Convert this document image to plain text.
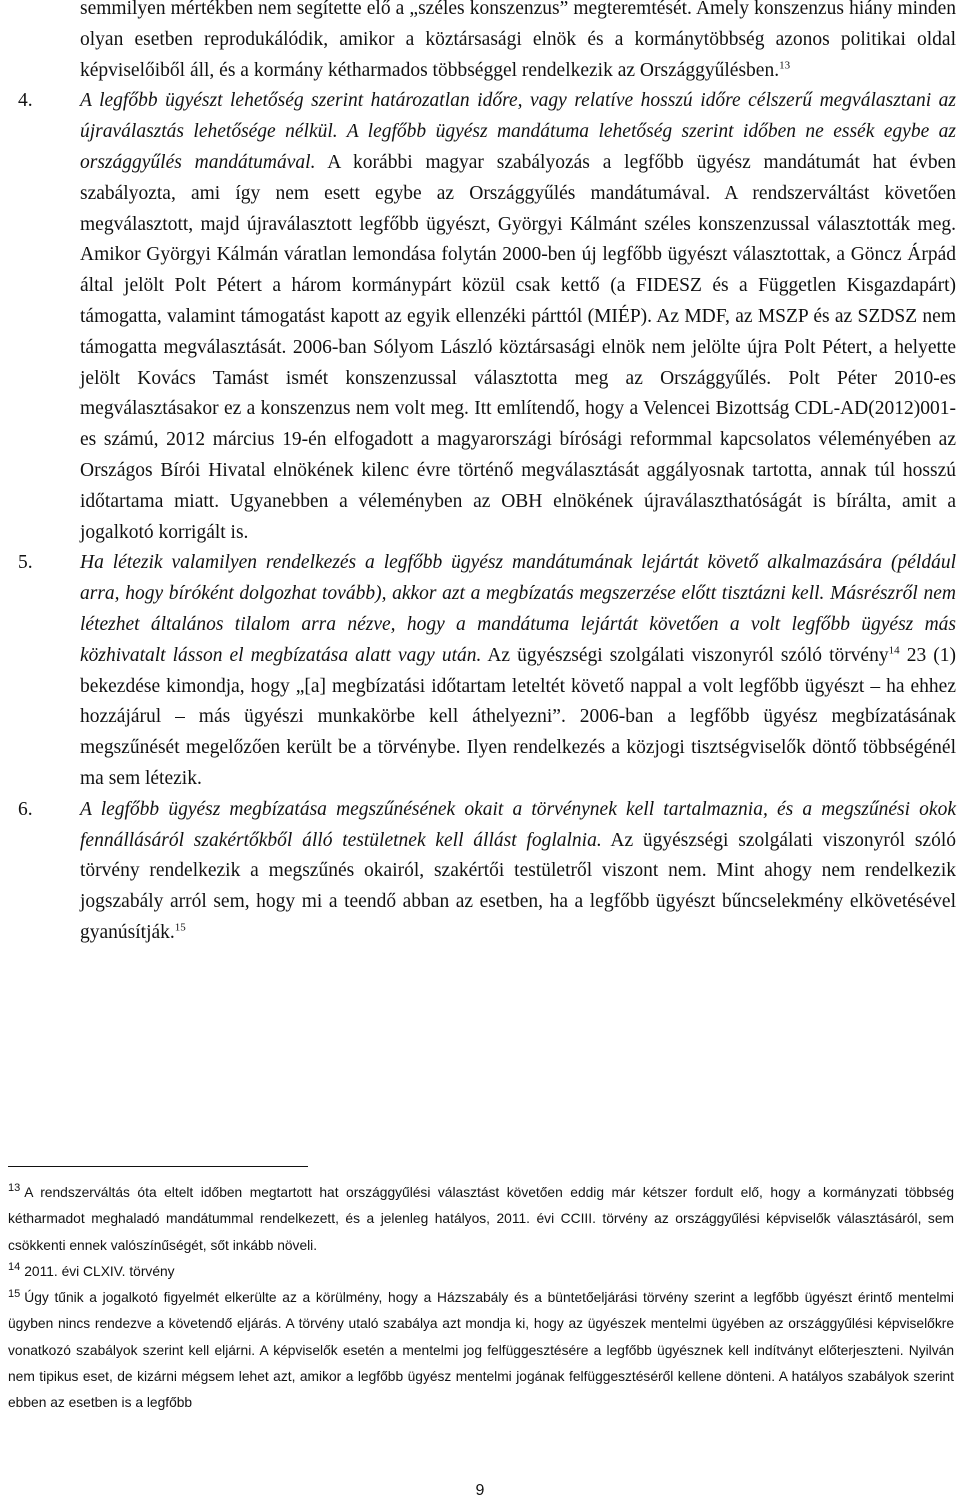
semmilyen mértékben nem segítette elő a „széles konszenzus” megteremtését. Amely konszenzus hiány minden olyan esetben reprodukálódik, amikor a köztársasági elnök és a kormánytöbbség azonos politikai oldal képviselőiből áll, és a kormány kétharmados többséggel rendelkezik az Országgyűlésben.$^{13}$

4. A legfőbb ügyészt lehetőség szerint határozatlan időre, vagy relatíve hosszú időre célszerű megválasztani az újraválasztás lehetősége nélkül. A legfőbb ügyész mandátuma lehetőség szerint időben ne essék egybe az országgyűlés mandátumával. A korábbi magyar szabályozás a legfőbb ügyész mandátumát hat évben szabályozta, ami így nem esett egybe az Országgyűlés mandátumával. A rendszerváltást követően megválasztott, majd újraválasztott legfőbb ügyészt, Györgyi Kálmánt széles konszenzussal választották meg. Amikor Györgyi Kálmán váratlan lemondása folytán 2000-ben új legfőbb ügyészt választottak, a Göncz Árpád által jelölt Polt Pétert a három kormánypárt közül csak kettő (a FIDESZ és a Független Kisgazdapárt) támogatta, valamint támogatást kapott az egyik ellenzéki párttól (MIÉP). Az MDF, az MSZP és az SZDSZ nem támogatta megválasztását. 2006-ban Sólyom László köztársasági elnök nem jelölte újra Polt Pétert, a helyette jelölt Kovács Tamást ismét konszenzussal választotta meg az Országgyűlés. Polt Péter 2010-es megválasztásakor ez a konszenzus nem volt meg. Itt említendő, hogy a Velencei Bizottság CDL-AD(2012)001-es számú, 2012 március 19-én elfogadott a magyarországi bírósági reformmal kapcsolatos véleményében az Országos Bírói Hivatal elnökének kilenc évre történő megválasztását aggályosnak tartotta, annak túl hosszú időtartama miatt. Ugyanebben a véleményben az OBH elnökének újraválaszthatóságát is bírálta, amit a jogalkotó korrigált is.

5. Ha létezik valamilyen rendelkezés a legfőbb ügyész mandátumának lejártát követő alkalmazására (például arra, hogy bíróként dolgozhat tovább), akkor azt a megbízatás megszerzése előtt tisztázni kell. Másrészről nem létezhet általános tilalom arra nézve, hogy a mandátuma lejártát követően a volt legfőbb ügyész más közhivatalt lásson el megbízatása alatt vagy után. Az ügyészségi szolgálati viszonyról szóló törvény$^{14}$ 23 (1) bekezdése kimondja, hogy „[a] megbízatási időtartam leteltét követő nappal a volt legfőbb ügyészt – ha ehhez hozzájárul – más ügyészi munkakörbe kell áthelyezni”. 2006-ban a legfőbb ügyész megbízatásának megszűnését megelőzően került be a törvénybe. Ilyen rendelkezés a közjogi tisztségviselők döntő többségénél ma sem létezik.

6. A legfőbb ügyész megbízatása megszűnésének okait a törvénynek kell tartalmaznia, és a megszűnési okok fennállásáról szakértőkből álló testületnek kell állást foglalnia. Az ügyészségi szolgálati viszonyról szóló törvény rendelkezik a megszűnés okairól, szakértői testületről viszont nem. Mint ahogy nem rendelkezik jogszabály arról sem, hogy mi a teendő abban az esetben, ha a legfőbb ügyészt bűncselekmény elkövetésével gyanúsítják.$^{15}$

$^{13}$ A rendszerváltás óta eltelt időben megtartott hat országgyűlési választást követően eddig már kétszer fordult elő, hogy a kormányzati többség kétharmadot meghaladó mandátummal rendelkezett, és a jelenleg hatályos, 2011. évi CCIII. törvény az országgyűlési képviselők választásáról, sem csökkenti ennek valószínűségét, sőt inkább növeli.

$^{14}$ 2011. évi CLXIV. törvény

$^{15}$ Úgy tűnik a jogalkotó figyelmét elkerülte az a körülmény, hogy a Házszabály és a büntetőeljárási törvény szerint a legfőbb ügyészt érintő mentelmi ügyben nincs rendezve a követendő eljárás. A törvény utaló szabálya azt mondja ki, hogy az ügyészek mentelmi ügyében az országgyűlési képviselőkre vonatkozó szabályok szerint kell eljárni. A képviselők esetén a mentelmi jog felfüggesztésére a legfőbb ügyésznek kell indítványt előterjeszteni. Nyilván nem tipikus eset, de kizárni mégsem lehet azt, amikor a legfőbb ügyész mentelmi jogának felfüggesztéséről kellene dönteni. A hatályos szabályok szerint ebben az esetben is a legfőbb

9
